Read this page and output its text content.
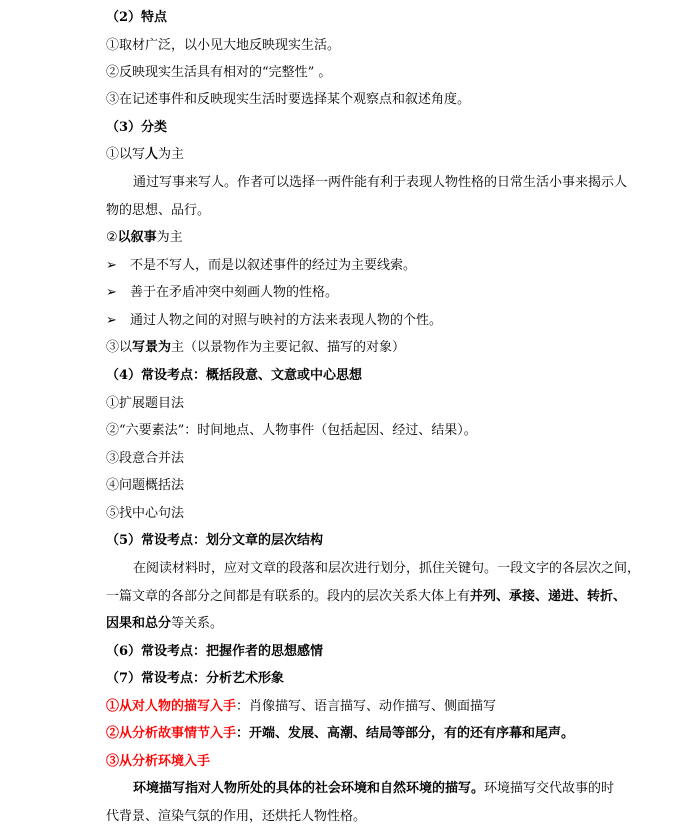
（2）特点
①取材广泛，以小见大地反映现实生活。
②反映现实生活具有相对的“完整性” 。
③在记述事件和反映现实生活时要选择某个观察点和叙述角度。
（3）分类
①以写人为主
通过写事来写人。作者可以选择一两件能有利于表现人物性格的日常生活小事来揭示人
物的思想、品行。
②以叙事为主
➢ 不是不写人，而是以叙述事件的经过为主要线索。
➢ 善于在矛盾冲突中刻画人物的性格。
➢ 通过人物之间的对照与映衬的方法来表现人物的个性。
③以写景为主（以景物作为主要记叙、描写的对象）
（4）常设考点：概括段意、文意或中心思想
①扩展题目法
②“六要素法”：时间地点、人物事件（包括起因、经过、结果）。
③段意合并法
④问题概括法
⑤找中心句法
（5）常设考点：划分文章的层次结构
在阅读材料时，应对文章的段落和层次进行划分，抓住关键句。一段文字的各层次之间，
一篇文章的各部分之间都是有联系的。段内的层次关系大体上有并列、承接、递进、转折、
因果和总分等关系。
（6）常设考点：把握作者的思想感情
（7）常设考点：分析艺术形象
①从对人物的描写入手：肖像描写、语言描写、动作描写、侧面描写
②从分析故事情节入手：开端、发展、高潮、结局等部分，有的还有序幕和尾声。
③从分析环境入手
环境描写指对人物所处的具体的社会环境和自然环境的描写。环境描写交代故事的时
代背景、渲染气氛的作用，还烘托人物性格。
